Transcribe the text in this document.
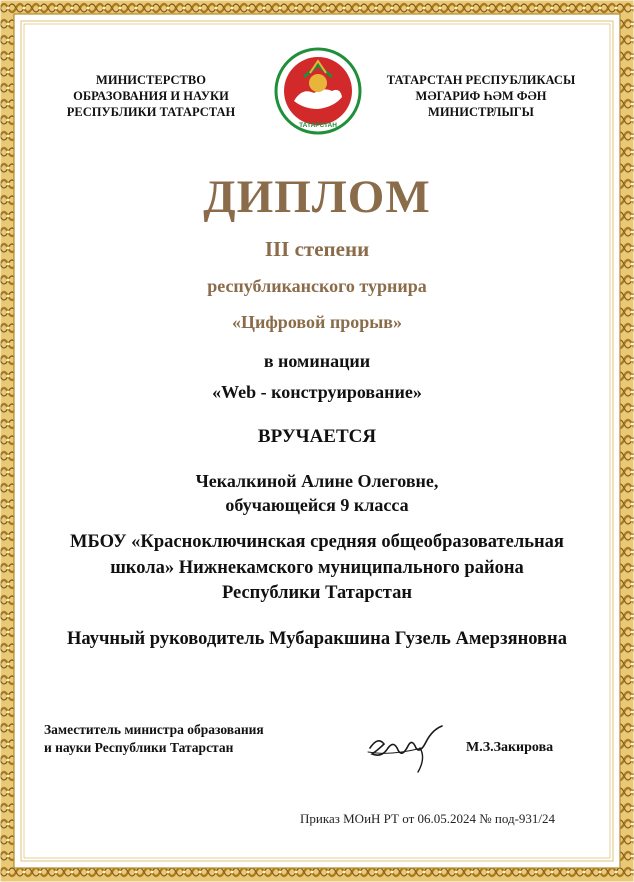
МИНИСТЕРСТВО
ОБРАЗОВАНИЯ И НАУКИ
РЕСПУБЛИКИ ТАТАРСТАН
ТАТАРСТАН
ТАТАРСТАН РЕСПУБЛИКАСЫ
МӘГАРИФ ҺӘМ ФӘН
МИНИСТРЛЫГЫ
ДИПЛОМ
III степени
республиканского турнира
«Цифровой прорыв»
в номинации
«Web - конструирование»
ВРУЧАЕТСЯ
Чекалкиной Алине Олеговне,
обучающейся 9 класса
МБОУ «Красноключинская средняя общеобразовательная
школа» Нижнекамского муниципального района
Республики Татарстан
Научный руководитель Мубаракшина Гузель Амерзяновна
Заместитель министра образования
и науки Республики Татарстан	М.З.Закирова
Приказ МОиН РТ от 06.05.2024 № под-931/24
